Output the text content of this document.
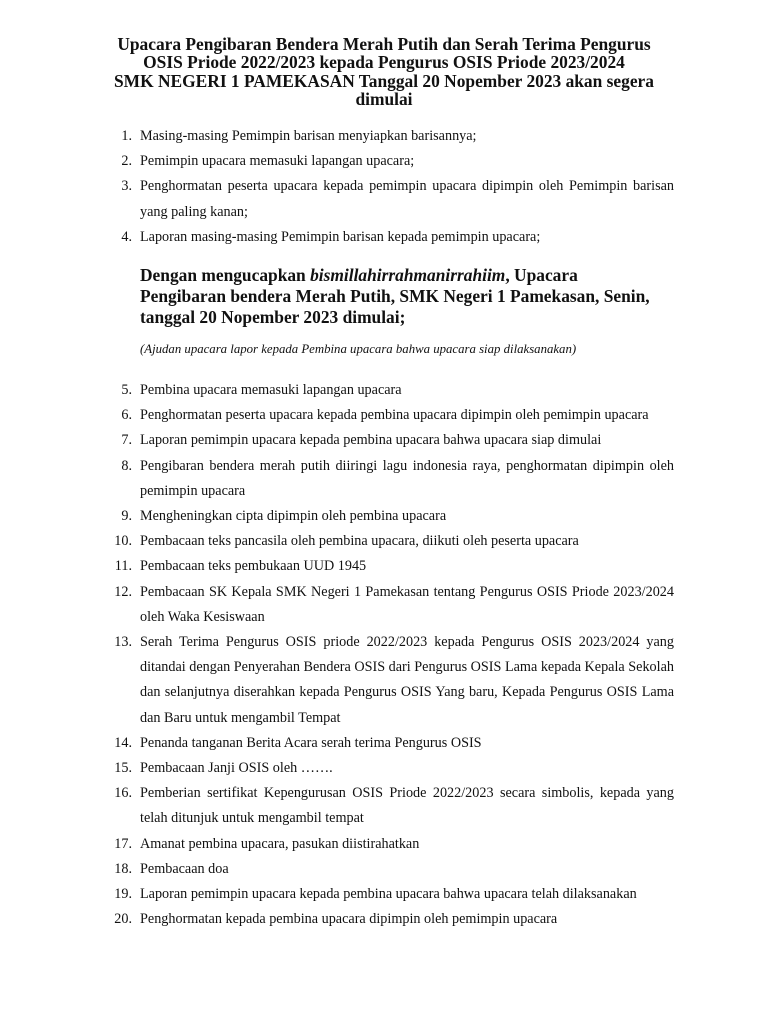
Upacara Pengibaran Bendera Merah Putih dan Serah Terima Pengurus
OSIS Priode 2022/2023 kepada Pengurus OSIS Priode 2023/2024
SMK NEGERI 1 PAMEKASAN Tanggal 20 Nopember 2023 akan segera
dimulai
1. Masing-masing Pemimpin barisan menyiapkan barisannya;
2. Pemimpin upacara memasuki lapangan upacara;
3. Penghormatan peserta upacara kepada pemimpin upacara dipimpin oleh Pemimpin barisan yang paling kanan;
4. Laporan masing-masing Pemimpin barisan kepada pemimpin upacara;
Dengan mengucapkan bismillahirrahmanirrahiim, Upacara
Pengibaran bendera Merah Putih, SMK Negeri 1 Pamekasan, Senin,
tanggal 20 Nopember 2023 dimulai;
(Ajudan upacara lapor kepada Pembina upacara bahwa upacara siap dilaksanakan)
5. Pembina upacara memasuki lapangan upacara
6. Penghormatan peserta upacara kepada pembina upacara dipimpin oleh pemimpin upacara
7. Laporan pemimpin upacara kepada pembina upacara bahwa upacara siap dimulai
8. Pengibaran bendera merah putih diiringi lagu indonesia raya, penghormatan dipimpin oleh pemimpin upacara
9. Mengheningkan cipta dipimpin oleh pembina upacara
10. Pembacaan teks pancasila oleh pembina upacara, diikuti oleh peserta upacara
11. Pembacaan teks pembukaan UUD 1945
12. Pembacaan SK Kepala SMK Negeri 1 Pamekasan tentang Pengurus OSIS Priode 2023/2024 oleh Waka Kesiswaan
13. Serah Terima Pengurus OSIS priode 2022/2023 kepada Pengurus OSIS 2023/2024 yang ditandai dengan Penyerahan Bendera OSIS dari Pengurus OSIS Lama kepada Kepala Sekolah dan selanjutnya diserahkan kepada Pengurus OSIS Yang baru, Kepada Pengurus OSIS Lama dan Baru untuk mengambil Tempat
14. Penanda tanganan Berita Acara serah terima Pengurus OSIS
15. Pembacaan Janji OSIS oleh …….
16. Pemberian sertifikat Kepengurusan OSIS Priode 2022/2023 secara simbolis, kepada yang telah ditunjuk untuk mengambil tempat
17. Amanat pembina upacara, pasukan diistirahatkan
18. Pembacaan doa
19. Laporan pemimpin upacara kepada pembina upacara bahwa upacara telah dilaksanakan
20. Penghormatan kepada pembina upacara dipimpin oleh pemimpin upacara
